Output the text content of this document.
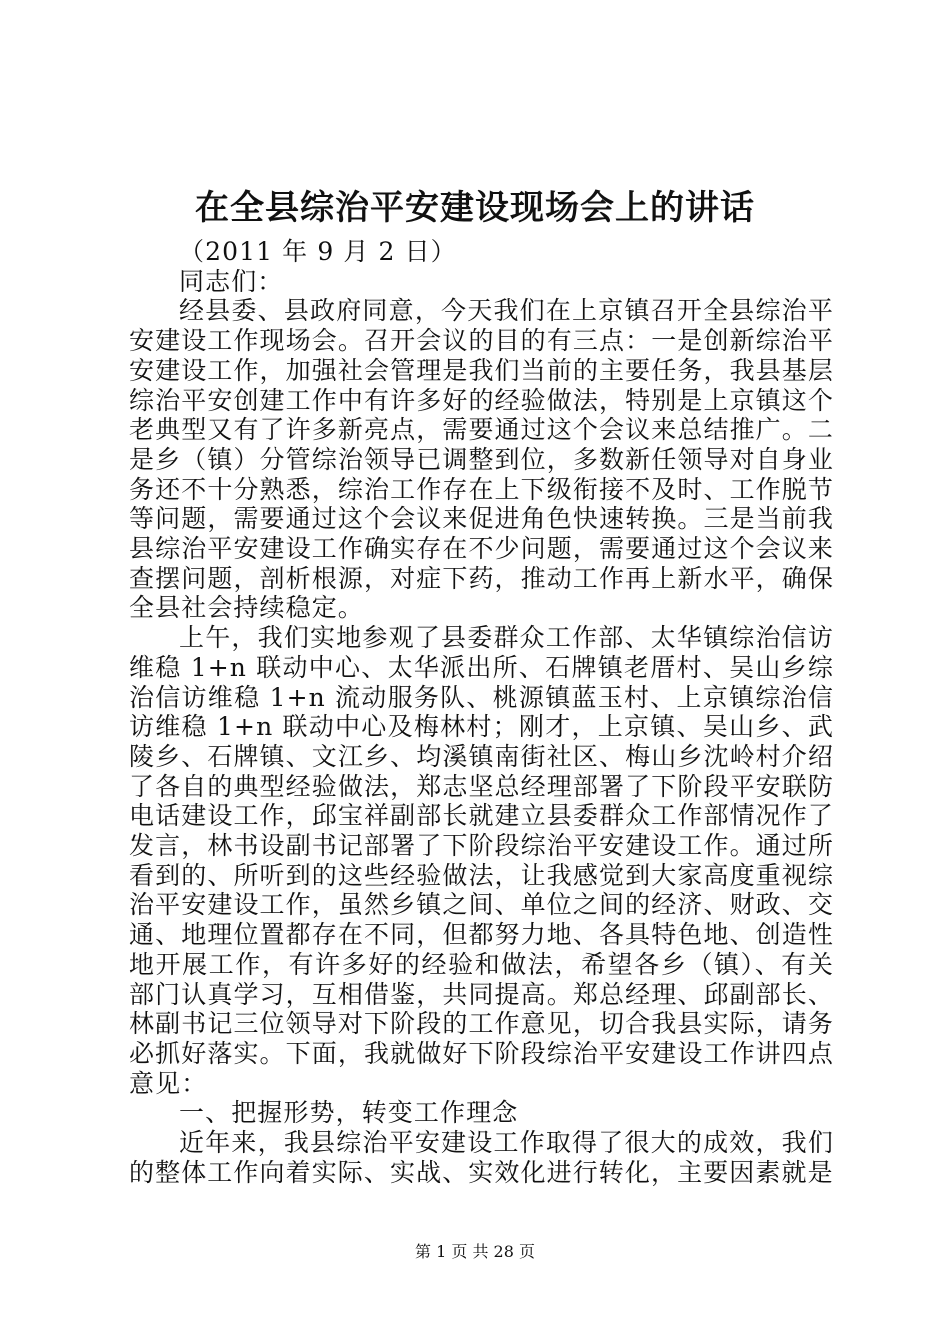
在全县综治平安建设现场会上的讲话

（2011 年 9 月 2 日）

同志们：

经县委、县政府同意，今天我们在上京镇召开全县综治平安建设工作现场会。召开会议的目的有三点：一是创新综治平安建设工作，加强社会管理是我们当前的主要任务，我县基层综治平安创建工作中有许多好的经验做法，特别是上京镇这个老典型又有了许多新亮点，需要通过这个会议来总结推广。二是乡（镇）分管综治领导已调整到位，多数新任领导对自身业务还不十分熟悉，综治工作存在上下级衔接不及时、工作脱节等问题，需要通过这个会议来促进角色快速转换。三是当前我县综治平安建设工作确实存在不少问题，需要通过这个会议来查摆问题，剖析根源，对症下药，推动工作再上新水平，确保全县社会持续稳定。

上午，我们实地参观了县委群众工作部、太华镇综治信访维稳 1+n 联动中心、太华派出所、石牌镇老厝村、吴山乡综治信访维稳 1+n 流动服务队、桃源镇蓝玉村、上京镇综治信访维稳 1+n 联动中心及梅林村；刚才，上京镇、吴山乡、武陵乡、石牌镇、文江乡、均溪镇南街社区、梅山乡沈岭村介绍了各自的典型经验做法，郑志坚总经理部署了下阶段平安联防电话建设工作，邱宝祥副部长就建立县委群众工作部情况作了发言，林书设副书记部署了下阶段综治平安建设工作。通过所看到的、所听到的这些经验做法，让我感觉到大家高度重视综治平安建设工作，虽然乡镇之间、单位之间的经济、财政、交通、地理位置都存在不同，但都努力地、各具特色地、创造性地开展工作，有许多好的经验和做法，希望各乡（镇）、有关部门认真学习，互相借鉴，共同提高。郑总经理、邱副部长、林副书记三位领导对下阶段的工作意见，切合我县实际，请务必抓好落实。下面，我就做好下阶段综治平安建设工作讲四点意见：

一、把握形势，转变工作理念

近年来，我县综治平安建设工作取得了很大的成效，我们的整体工作向着实际、实战、实效化进行转化，主要因素就是

第 1 页 共 28 页
